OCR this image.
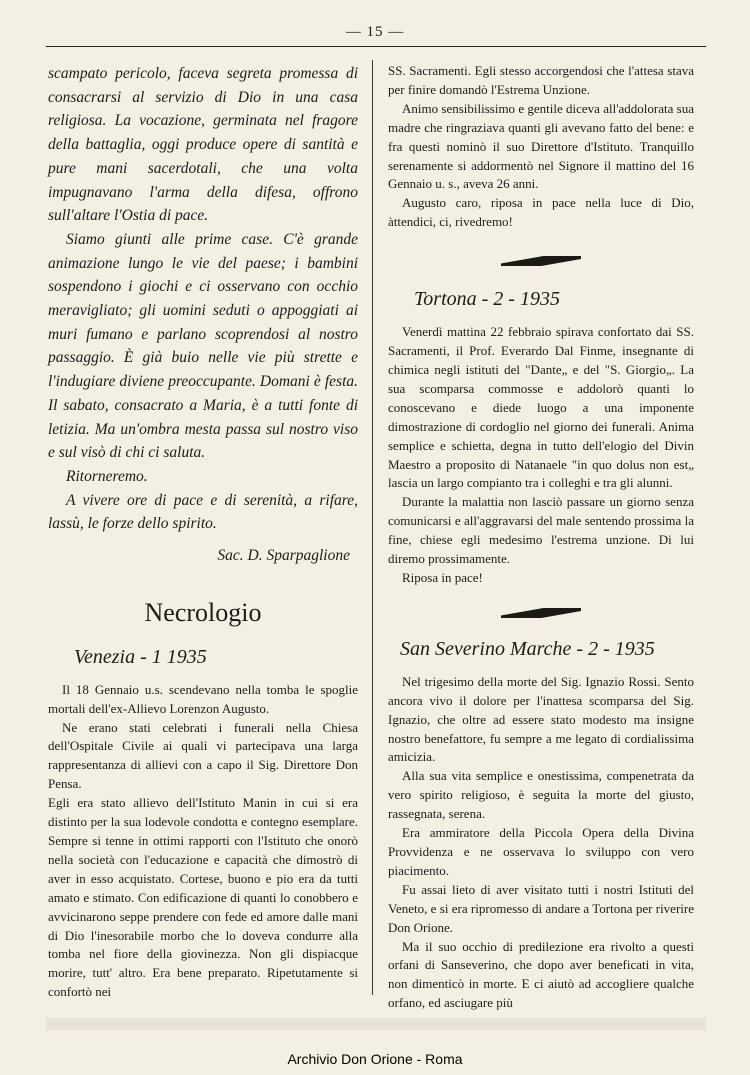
— 15 —

scampato pericolo, faceva segreta promessa di consacrarsi al servizio di Dio in una casa religiosa. La vocazione, germinata nel fragore della battaglia, oggi produce opere di santità e pure mani sacerdotali, che una volta impugnavano l'arma della difesa, offrono sull'altare l'Ostia di pace.

Siamo giunti alle prime case. C'è grande animazione lungo le vie del paese; i bambini sospendono i giochi e ci osservano con occhio meravigliato; gli uomini seduti o appoggiati ai muri fumano e parlano scoprendosi al nostro passaggio. È già buio nelle vie più strette e l'indugiare diviene preoccupante. Domani è festa. Il sabato, consacrato a Maria, è a tutti fonte di letizia. Ma un'ombra mesta passa sul nostro viso e sul visò di chi ci saluta.

Ritorneremo.

A vivere ore di pace e di serenità, a rifare, lassù, le forze dello spirito.

Sac. D. Sparpaglione

Necrologio
Venezia - 1 1935

Il 18 Gennaio u.s. scendevano nella tomba le spoglie mortali dell'ex-Allievo Lorenzon Augusto.

Ne erano stati celebrati i funerali nella Chiesa dell'Ospitale Civile ai quali vi partecipava una larga rappresentanza di allievi con a capo il Sig. Direttore Don Pensa.

Egli era stato allievo dell'Istituto Manin in cui si era distinto per la sua lodevole condotta e contegno esemplare. Sempre si tenne in ottimi rapporti con l'Istituto che onorò nella società con l'educazione e capacità che dimostrò di aver in esso acquistato. Cortese, buono e pio era da tutti amato e stimato. Con edificazione di quanti lo conobbero e avvicinarono seppe prendere con fede ed amore dalle mani di Dio l'inesorabile morbo che lo doveva condurre alla tomba nel fiore della giovinezza. Non gli dispiacque morire, tutt' altro. Era bene preparato. Ripetutamente si confortò nei

SS. Sacramenti. Egli stesso accorgendosi che l'attesa stava per finire domandò l'Estrema Unzione.

Animo sensibilissimo e gentile diceva all'addolorata sua madre che ringraziava quanti gli avevano fatto del bene: e fra questi nominò il suo Direttore d'Istituto. Tranquillo serenamente si addormentò nel Signore il mattino del 16 Gennaio u. s., aveva 26 anni.

Augusto caro, riposa in pace nella luce di Dio, àttendici, ci, rivedremo!

Tortona - 2 - 1935

Venerdì mattina 22 febbraio spirava confortato dai SS. Sacramenti, il Prof. Everardo Dal Finme, insegnante di chimica negli istituti del "Dante„ e del "S. Giorgio„. La sua scomparsa commosse e addolorò quanti lo conoscevano e diede luogo a una imponente dimostrazione di cordoglio nel giorno dei funerali. Anima semplice e schietta, degna in tutto dell'elogio del Divin Maestro a proposito di Natanaele "in quo dolus non est„ lascia un largo compianto tra i colleghi e tra gli alunni.

Durante la malattia non lasciò passare un giorno senza comunicarsi e all'aggravarsi del male sentendo prossima la fine, chiese egli medesimo l'estrema unzione. Di lui diremo prossimamente.

Riposa in pace!

San Severino Marche - 2 - 1935

Nel trigesimo della morte del Sig. Ignazio Rossi. Sento ancora vivo il dolore per l'inattesa scomparsa del Sig. Ignazio, che oltre ad essere stato modesto ma insigne nostro benefattore, fu sempre a me legato di cordialissima amicizia.

Alla sua vita semplice e onestissima, compenetrata da vero spirito religioso, è seguita la morte del giusto, rassegnata, serena.

Era ammiratore della Piccola Opera della Divina Provvidenza e ne osservava lo sviluppo con vero piacimento.

Fu assai lieto di aver visitato tutti i nostri Istituti del Veneto, e si era ripromesso di andare a Tortona per riverire Don Orione.

Ma il suo occhio di predilezione era rivolto a questi orfani di Sanseverino, che dopo aver beneficati in vita, non dimenticò in morte. E ci aiutò ad accogliere qualche orfano, ed asciugare più

Archivio Don Orione - Roma
